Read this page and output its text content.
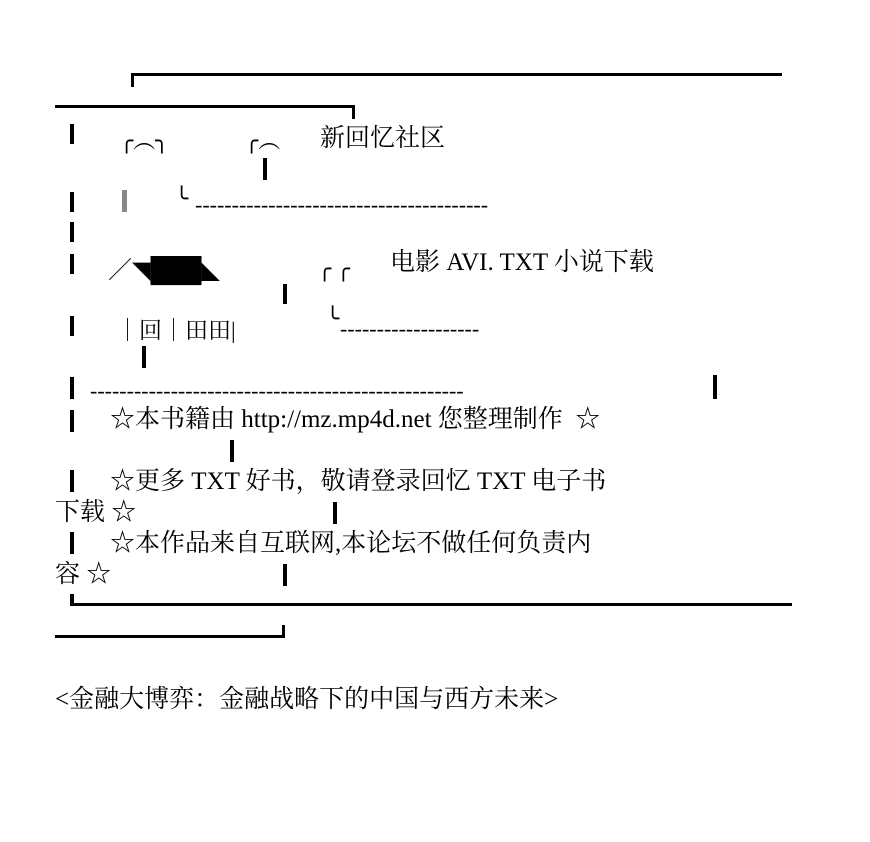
╭︵╮	╭︵ 新回忆社区
╰ ----------------------------------------
／◥███◣	╭ ╭ 电影 AVI. TXT 小说下载
｜回｜田田|	╰ -------------------
---------------------------------------------------
☆本书籍由 http://mz.mp4d.net 您整理制作  ☆
☆更多 TXT 好书，敬请登录回忆 TXT 电子书
下载 ☆
☆本作品来自互联网,本论坛不做任何负责内
容 ☆
<金融大博弈：金融战略下的中国与西方未来>
